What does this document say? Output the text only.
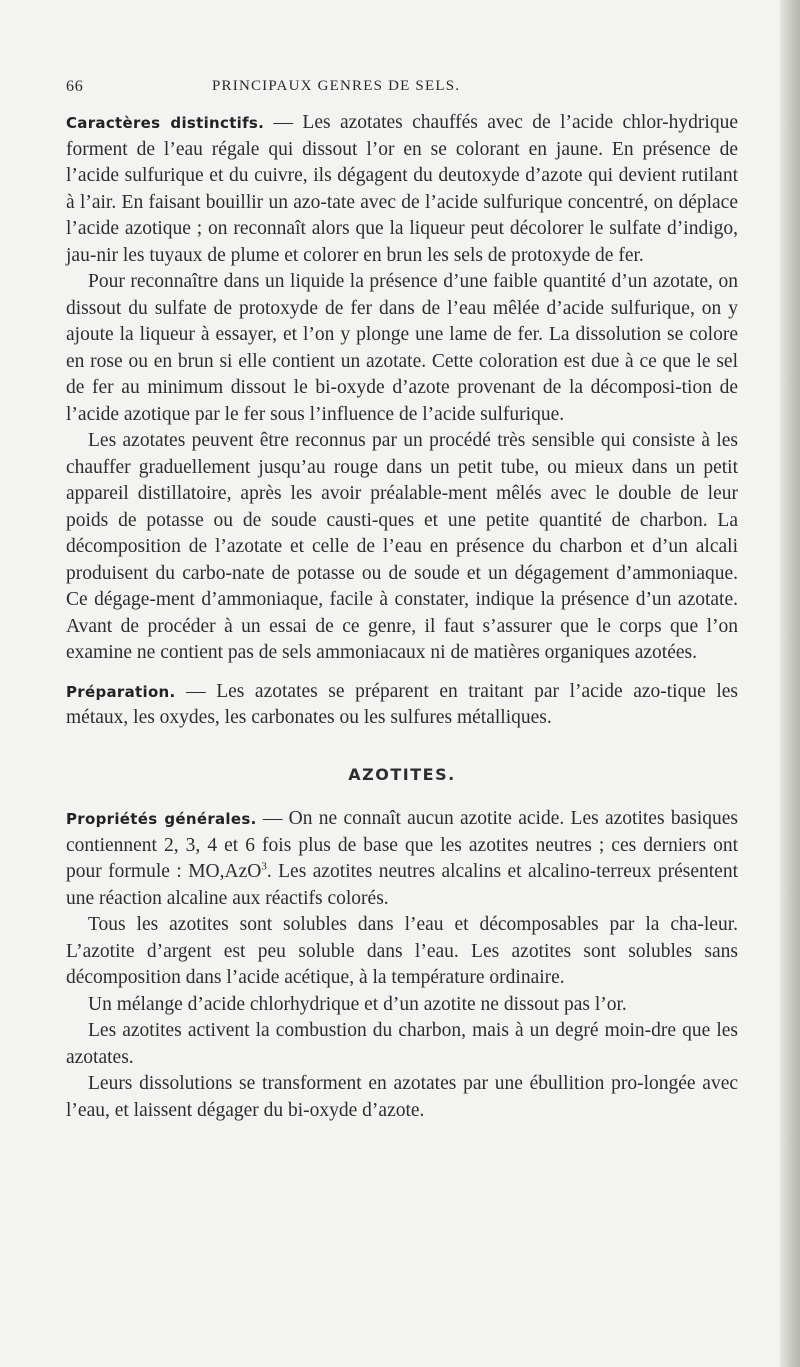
66	PRINCIPAUX GENRES DE SELS.

Caractères distinctifs. — Les azotates chauffés avec de l’acide chlor-hydrique forment de l’eau régale qui dissout l’or en se colorant en jaune. En présence de l’acide sulfurique et du cuivre, ils dégagent du deutoxyde d’azote qui devient rutilant à l’air. En faisant bouillir un azo-tate avec de l’acide sulfurique concentré, on déplace l’acide azotique ; on reconnaît alors que la liqueur peut décolorer le sulfate d’indigo, jau-nir les tuyaux de plume et colorer en brun les sels de protoxyde de fer.

Pour reconnaître dans un liquide la présence d’une faible quantité d’un azotate, on dissout du sulfate de protoxyde de fer dans de l’eau mêlée d’acide sulfurique, on y ajoute la liqueur à essayer, et l’on y plonge une lame de fer. La dissolution se colore en rose ou en brun si elle contient un azotate. Cette coloration est due à ce que le sel de fer au minimum dissout le bi-oxyde d’azote provenant de la décomposi-tion de l’acide azotique par le fer sous l’influence de l’acide sulfurique.

Les azotates peuvent être reconnus par un procédé très sensible qui consiste à les chauffer graduellement jusqu’au rouge dans un petit tube, ou mieux dans un petit appareil distillatoire, après les avoir préalable-ment mêlés avec le double de leur poids de potasse ou de soude causti-ques et une petite quantité de charbon. La décomposition de l’azotate et celle de l’eau en présence du charbon et d’un alcali produisent du carbo-nate de potasse ou de soude et un dégagement d’ammoniaque. Ce dégage-ment d’ammoniaque, facile à constater, indique la présence d’un azotate. Avant de procéder à un essai de ce genre, il faut s’assurer que le corps que l’on examine ne contient pas de sels ammoniacaux ni de matières organiques azotées.

Préparation. — Les azotates se préparent en traitant par l’acide azo-tique les métaux, les oxydes, les carbonates ou les sulfures métalliques.

AZOTITES.

Propriétés générales. — On ne connaît aucun azotite acide. Les azotites basiques contiennent 2, 3, 4 et 6 fois plus de base que les azotites neutres ; ces derniers ont pour formule : MO,AzO$^3$. Les azotites neutres alcalins et alcalino-terreux présentent une réaction alcaline aux réactifs colorés.

Tous les azotites sont solubles dans l’eau et décomposables par la cha-leur. L’azotite d’argent est peu soluble dans l’eau. Les azotites sont solubles sans décomposition dans l’acide acétique, à la température ordinaire.

Un mélange d’acide chlorhydrique et d’un azotite ne dissout pas l’or.

Les azotites activent la combustion du charbon, mais à un degré moin-dre que les azotates.

Leurs dissolutions se transforment en azotates par une ébullition pro-longée avec l’eau, et laissent dégager du bi-oxyde d’azote.
